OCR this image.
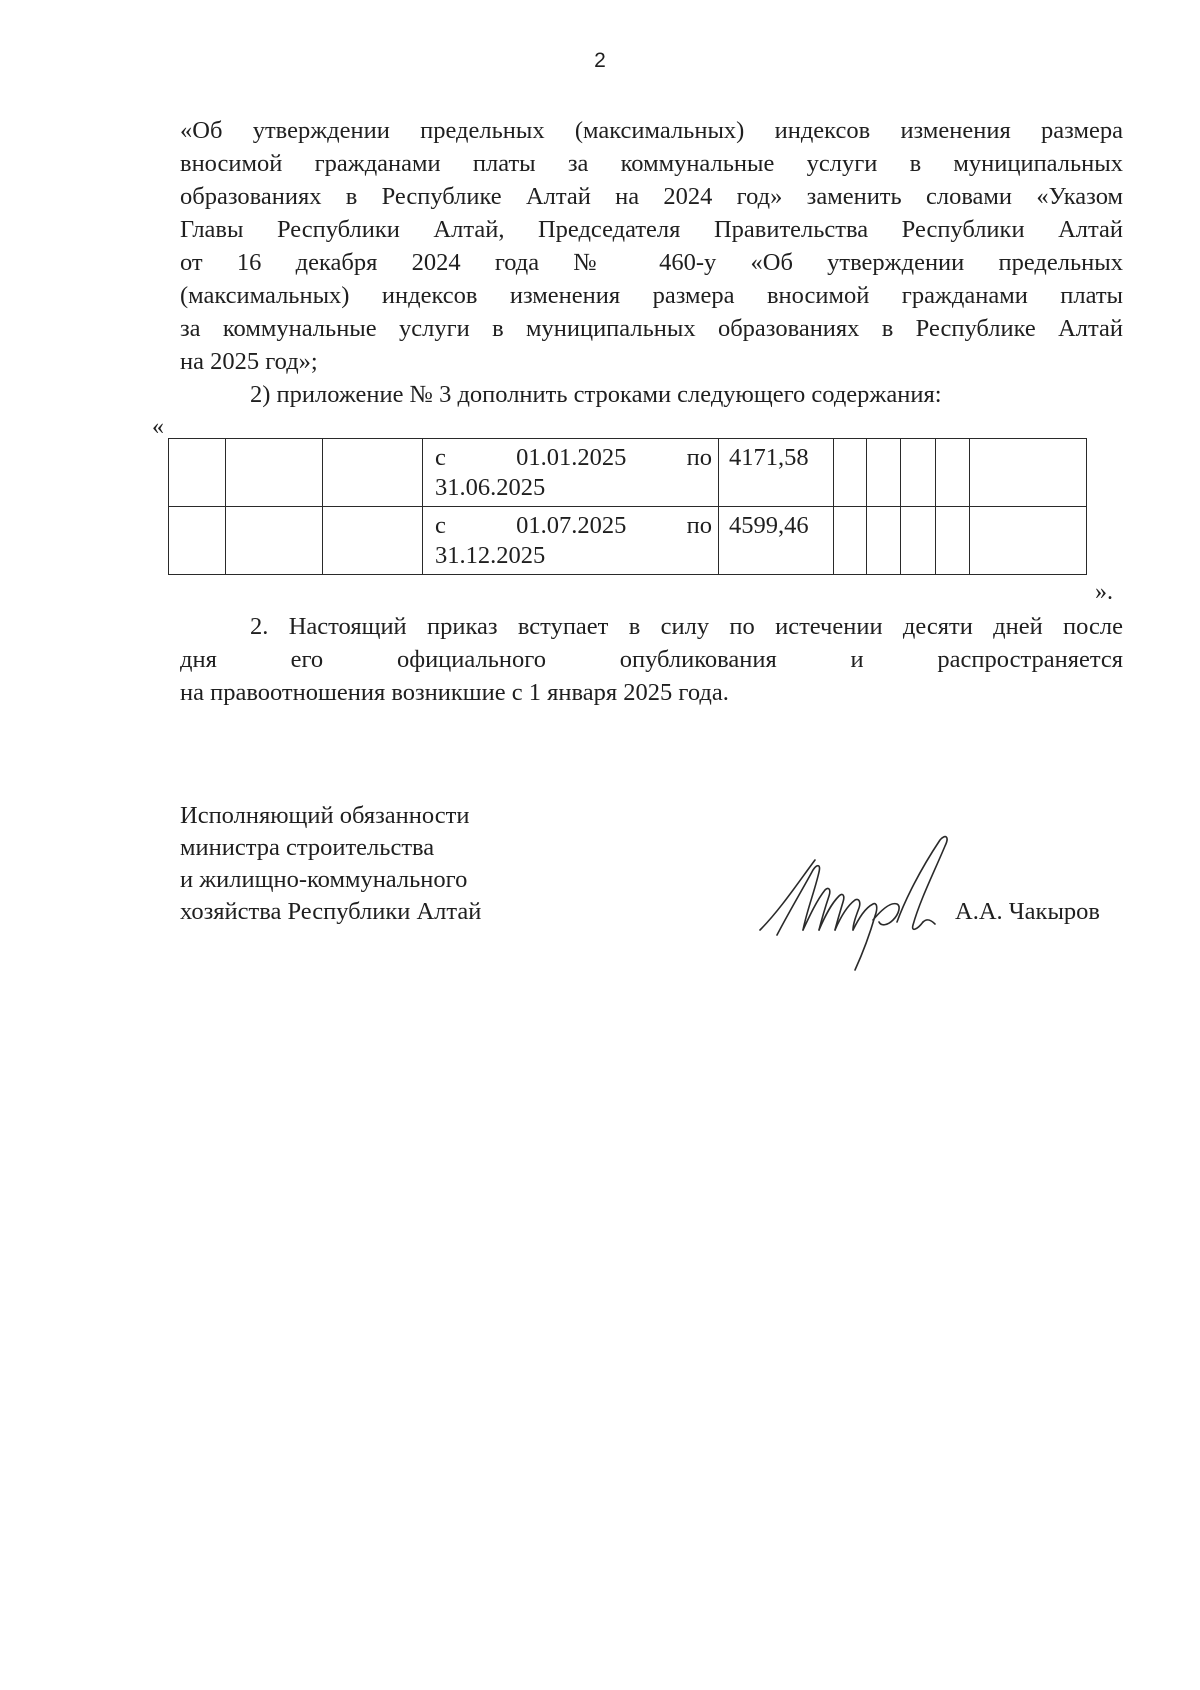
2
«Об утверждении предельных (максимальных) индексов изменения размера
вносимой гражданами платы за коммунальные услуги в муниципальных
образованиях в Республике Алтай на 2024 год» заменить словами «Указом
Главы Республики Алтай, Председателя Правительства Республики Алтай
от 16 декабря 2024 года № 460-у «Об утверждении предельных
(максимальных) индексов изменения размера вносимой гражданами платы
за коммунальные услуги в муниципальных образованиях в Республике Алтай
на 2025 год»;
2) приложение № 3 дополнить строками следующего содержания:
«

			с 01.01.2025 по
31.06.2025	4171,58					

			с 01.07.2025 по
31.12.2025	4599,46					
».
2. Настоящий приказ вступает в силу по истечении десяти дней после
дня его официального опубликования и распространяется
на правоотношения возникшие с 1 января 2025 года.
Исполняющий обязанности
министра строительства
и жилищно-коммунального
хозяйства Республики Алтай	А.А. Чакыров
